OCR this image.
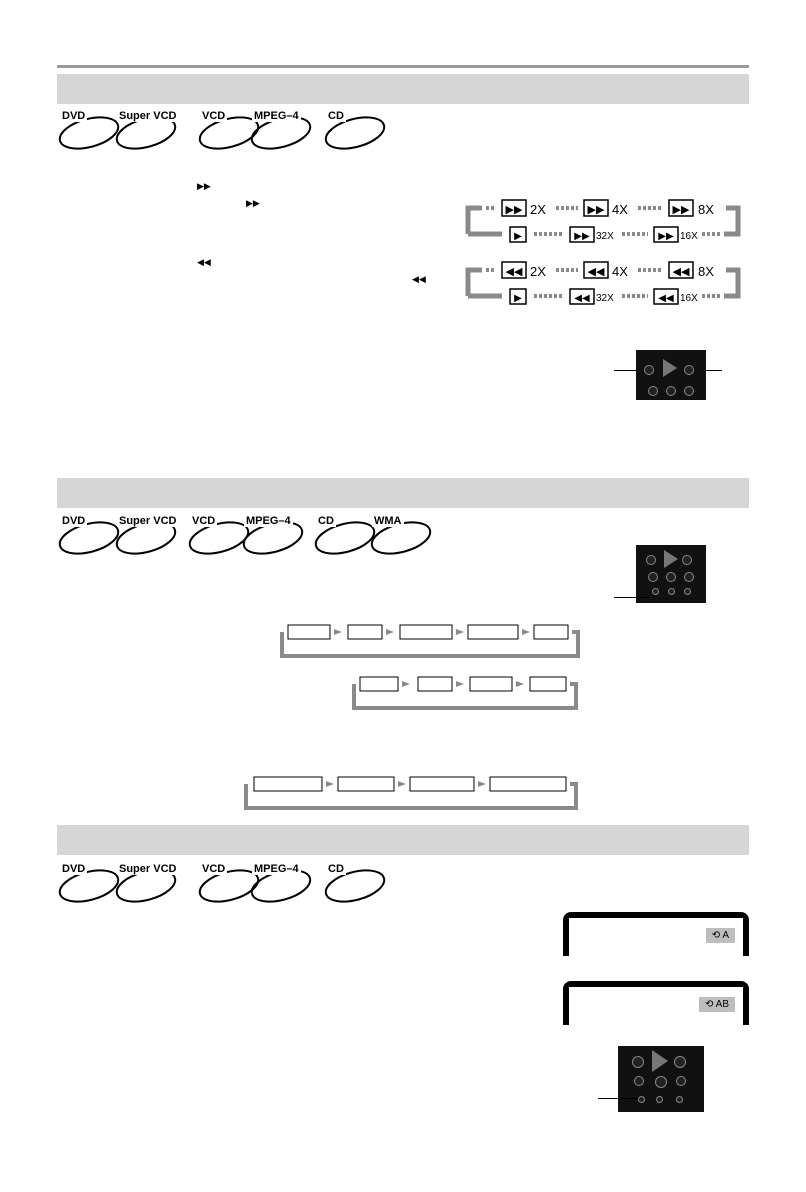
DVD	Super VCD VCD	MPEG–4	CD
▶▶
▶▶
◀◀
◀◀
▶▶ 2X	▶▶ 4X	▶▶ 8X
▶	▶▶ 32X	▶▶ 16X
◀◀ 2X	◀◀ 4X	◀◀ 8X
▶	◀◀ 32X	◀◀ 16X
DVD	Super VCD VCD	MPEG–4 CD	WMA
DVD	Super VCD VCD	MPEG–4	CD
⟲ A
⟲ AB
